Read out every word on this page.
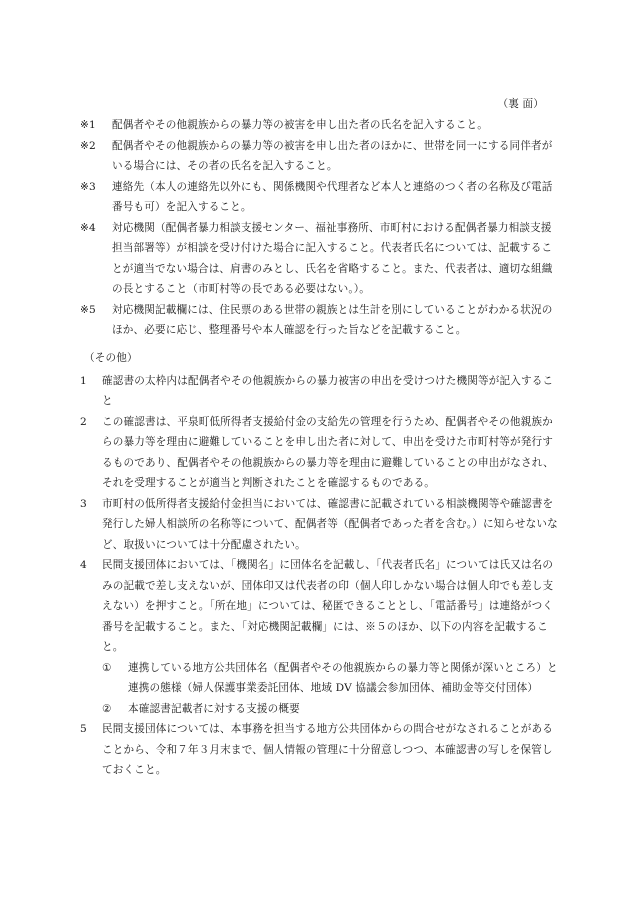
（裏 面）
※1	配偶者やその他親族からの暴力等の被害を申し出た者の氏名を記入すること。
※2	配偶者やその他親族からの暴力等の被害を申し出た者のほかに、世帯を同一にする同伴者がいる場合には、その者の氏名を記入すること。
※3	連絡先（本人の連絡先以外にも、関係機関や代理者など本人と連絡のつく者の名称及び電話番号も可）を記入すること。
※4	対応機関（配偶者暴力相談支援センター、福祉事務所、市町村における配偶者暴力相談支援担当部署等）が相談を受け付けた場合に記入すること。代表者氏名については、記載することが適当でない場合は、肩書のみとし、氏名を省略すること。また、代表者は、適切な組織の長とすること（市町村等の長である必要はない。）。
※5	対応機関記載欄には、住民票のある世帯の親族とは生計を別にしていることがわかる状況のほか、必要に応じ、整理番号や本人確認を行った旨などを記載すること。
（その他）
1	確認書の太枠内は配偶者やその他親族からの暴力被害の申出を受けつけた機関等が記入すること
2	この確認書は、平泉町低所得者支援給付金の支給先の管理を行うため、配偶者やその他親族からの暴力等を理由に避難していることを申し出た者に対して、申出を受けた市町村等が発行するものであり、配偶者やその他親族からの暴力等を理由に避難していることの申出がなされ、それを受理することが適当と判断されたことを確認するものである。
3	市町村の低所得者支援給付金担当においては、確認書に記載されている相談機関等や確認書を発行した婦人相談所の名称等について、配偶者等（配偶者であった者を含む。）に知らせないなど、取扱いについては十分配慮されたい。
4	民間支援団体においては、「機関名」に団体名を記載し、「代表者氏名」については氏又は名のみの記載で差し支えないが、団体印又は代表者の印（個人印しかない場合は個人印でも差し支えない）を押すこと。「所在地」については、秘匿できることとし、「電話番号」は連絡がつく番号を記載すること。また、「対応機関記載欄」には、※５のほか、以下の内容を記載すること。
①	連携している地方公共団体名（配偶者やその他親族からの暴力等と関係が深いところ）と連携の態様（婦人保護事業委託団体、地域 DV 協議会参加団体、補助金等交付団体）
②	本確認書記載者に対する支援の概要
5	民間支援団体については、本事務を担当する地方公共団体からの問合せがなされることがあることから、令和７年３月末まで、個人情報の管理に十分留意しつつ、本確認書の写しを保管しておくこと。
